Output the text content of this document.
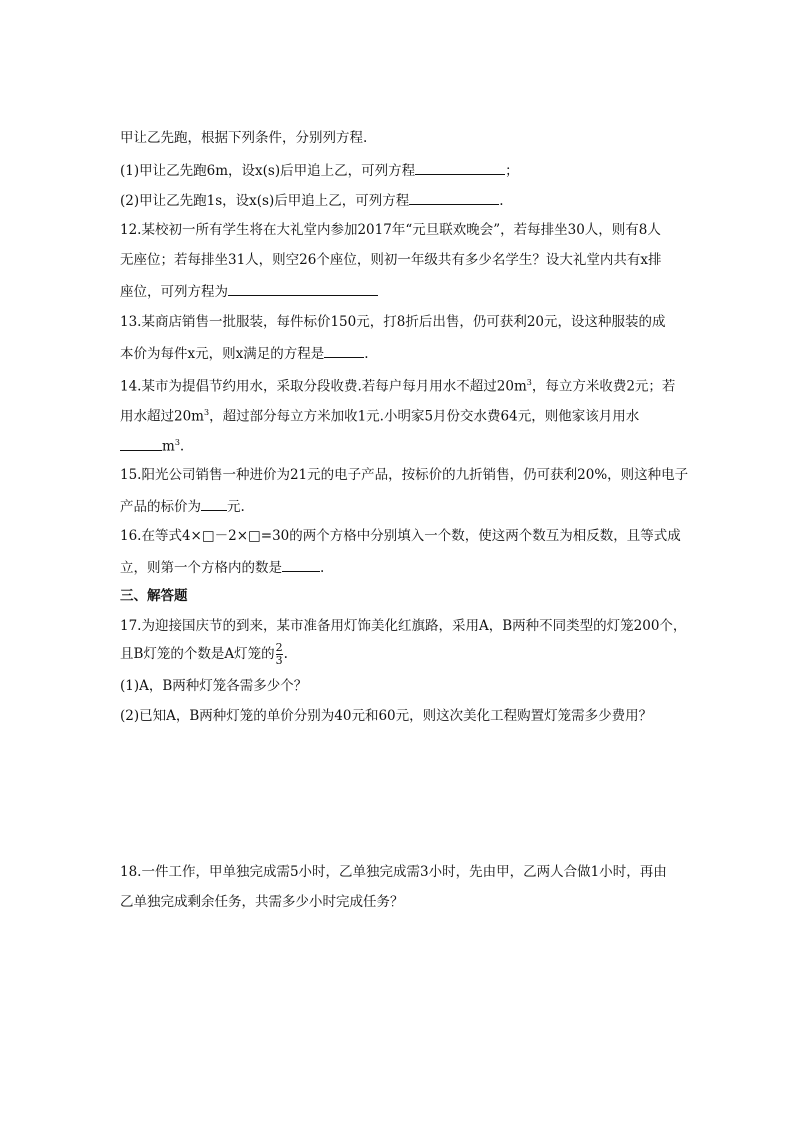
甲让乙先跑，根据下列条件，分别列方程.
(1)甲让乙先跑6m，设x(s)后甲追上乙，可列方程	；
(2)甲让乙先跑1s，设x(s)后甲追上乙，可列方程	.
12.某校初一所有学生将在大礼堂内参加2017年“元旦联欢晚会”，若每排坐30人，则有8人
无座位；若每排坐31人，则空26个座位，则初一年级共有多少名学生？设大礼堂内共有x排
座位，可列方程为
13.某商店销售一批服装，每件标价150元，打8折后出售，仍可获利20元，设这种服装的成
本价为每件x元，则x满足的方程是	.
14.某市为提倡节约用水，采取分段收费.若每户每月用水不超过$20m^3$，每立方米收费2元；若
用水超过$20m^3$，超过部分每立方米加收1元.小明家5月份交水费64元，则他家该月用水
$m^3$.
15.阳光公司销售一种进价为21元的电子产品，按标价的九折销售，仍可获利20%，则这种电子
产品的标价为 元.
16.在等式4×□－2×□=30的两个方格中分别填入一个数，使这两个数互为相反数，且等式成
立，则第一个方格内的数是	.
三、解答题
17.为迎接国庆节的到来，某市准备用灯饰美化红旗路，采用A，B两种不同类型的灯笼200个，
且B灯笼的个数是A灯笼的 $\frac{2}{3}$ .
(1)A，B两种灯笼各需多少个？
(2)已知A，B两种灯笼的单价分别为40元和60元，则这次美化工程购置灯笼需多少费用？
18.一件工作，甲单独完成需5小时，乙单独完成需3小时，先由甲，乙两人合做1小时，再由
乙单独完成剩余任务，共需多少小时完成任务？
